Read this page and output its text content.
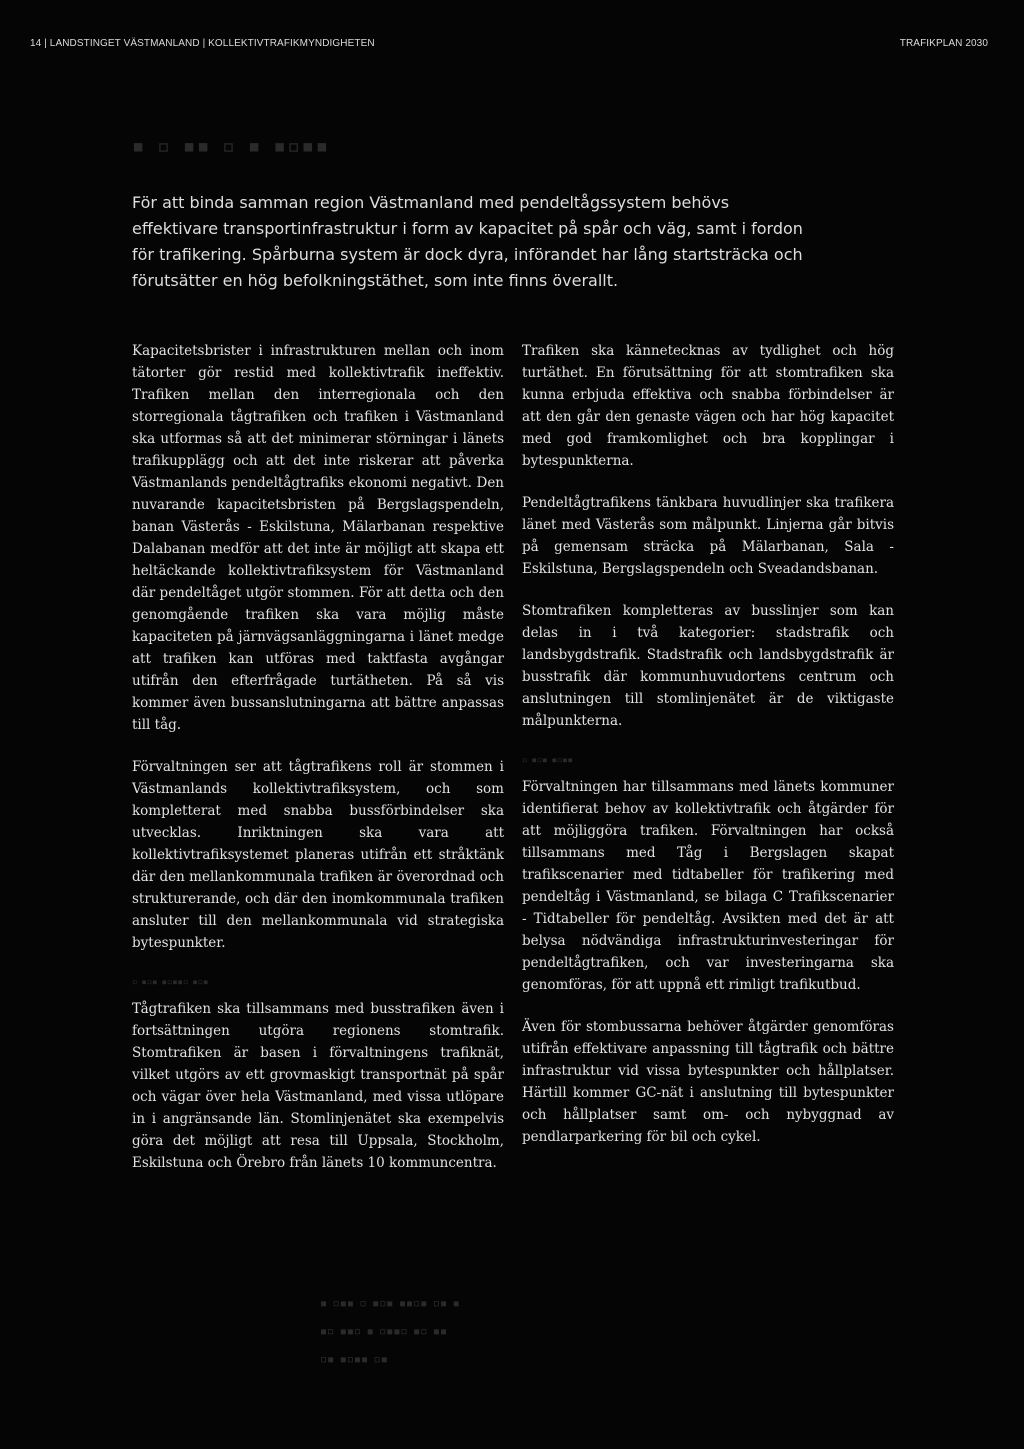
14 | LANDSTINGET VÄSTMANLAND | KOLLEKTIVTRAFIKMYNDIGHETEN	TRAFIKPLAN 2030
▪ ▫ ▪▪ ▫ ▪ ▪▫▪▪
För att binda samman region Västmanland med pendeltågssystem behövs effektivare transportinfrastruktur i form av kapacitet på spår och väg, samt i fordon för trafikering. Spårburna system är dock dyra, införandet har lång startsträcka och förutsätter en hög befolkningstäthet, som inte finns överallt.

Kapacitetsbrister i infrastrukturen mellan och inom tätorter gör restid med kollektivtrafik ineffektiv. Trafiken mellan den interregionala och den storregionala tågtrafiken och trafiken i Västmanland ska utformas så att det minimerar störningar i länets trafikupplägg och att det inte riskerar att påverka Västmanlands pendeltågtrafiks ekonomi negativt. Den nuvarande kapacitetsbristen på Bergslagspendeln, banan Västerås - Eskilstuna, Mälarbanan respektive Dalabanan medför att det inte är möjligt att skapa ett heltäckande kollektivtrafiksystem för Västmanland där pendeltåget utgör stommen. För att detta och den genomgående trafiken ska vara möjlig måste kapaciteten på järnvägsanläggningarna i länet medge att trafiken kan utföras med taktfasta avgångar utifrån den efterfrågade turtätheten. På så vis kommer även bussanslutningarna att bättre anpassas till tåg.

Förvaltningen ser att tågtrafikens roll är stommen i Västmanlands kollektivtrafiksystem, och som kompletterat med snabba bussförbindelser ska utvecklas. Inriktningen ska vara att kollektivtrafiksystemet planeras utifrån ett stråktänk där den mellankommunala trafiken är överordnad och strukturerande, och där den inomkommunala trafiken ansluter till den mellankommunala vid strategiska bytespunkter.

▫ ▪▫▪ ▪▫▪▪▫ ▪▫▪

Tågtrafiken ska tillsammans med busstrafiken även i fortsättningen utgöra regionens stomtrafik. Stomtrafiken är basen i förvaltningens trafiknät, vilket utgörs av ett grovmaskigt transportnät på spår och vägar över hela Västmanland, med vissa utlöpare in i angränsande län. Stomlinjenätet ska exempelvis göra det möjligt att resa till Uppsala, Stockholm, Eskilstuna och Örebro från länets 10 kommuncentra.

Trafiken ska kännetecknas av tydlighet och hög turtäthet. En förutsättning för att stomtrafiken ska kunna erbjuda effektiva och snabba förbindelser är att den går den genaste vägen och har hög kapacitet med god framkomlighet och bra kopplingar i bytespunkterna.

Pendeltågtrafikens tänkbara huvudlinjer ska trafikera länet med Västerås som målpunkt. Linjerna går bitvis på gemensam sträcka på Mälarbanan, Sala - Eskilstuna, Bergslagspendeln och Sveadandsbanan.

Stomtrafiken kompletteras av busslinjer som kan delas in i två kategorier: stadstrafik och landsbygdstrafik. Stadstrafik och landsbygdstrafik är busstrafik där kommunhuvudortens centrum och anslutningen till stomlinjenätet är de viktigaste målpunkterna.

▫ ▪▫▪ ▪▫▪▪

Förvaltningen har tillsammans med länets kommuner identifierat behov av kollektivtrafik och åtgärder för att möjliggöra trafiken. Förvaltningen har också tillsammans med Tåg i Bergslagen skapat trafikscenarier med tidtabeller för trafikering med pendeltåg i Västmanland, se bilaga C Trafikscenarier - Tidtabeller för pendeltåg. Avsikten med det är att belysa nödvändiga infrastrukturinvesteringar för pendeltågtrafiken, och var investeringarna ska genomföras, för att uppnå ett rimligt trafikutbud.

Även för stombussarna behöver åtgärder genomföras utifrån effektivare anpassning till tågtrafik och bättre infrastruktur vid vissa bytespunkter och hållplatser. Härtill kommer GC-nät i anslutning till bytespunkter och hållplatser samt om- och nybyggnad av pendlarparkering för bil och cykel.

▪ ▫▪▪ ▫ ▪▫▪ ▪▪▫▪ ▫▪ ▪
▪▫ ▪▪▫ ▪ ▫▪▪▫ ▪▫ ▪▪
▫▪ ▪▫▪▪ ▫▪
